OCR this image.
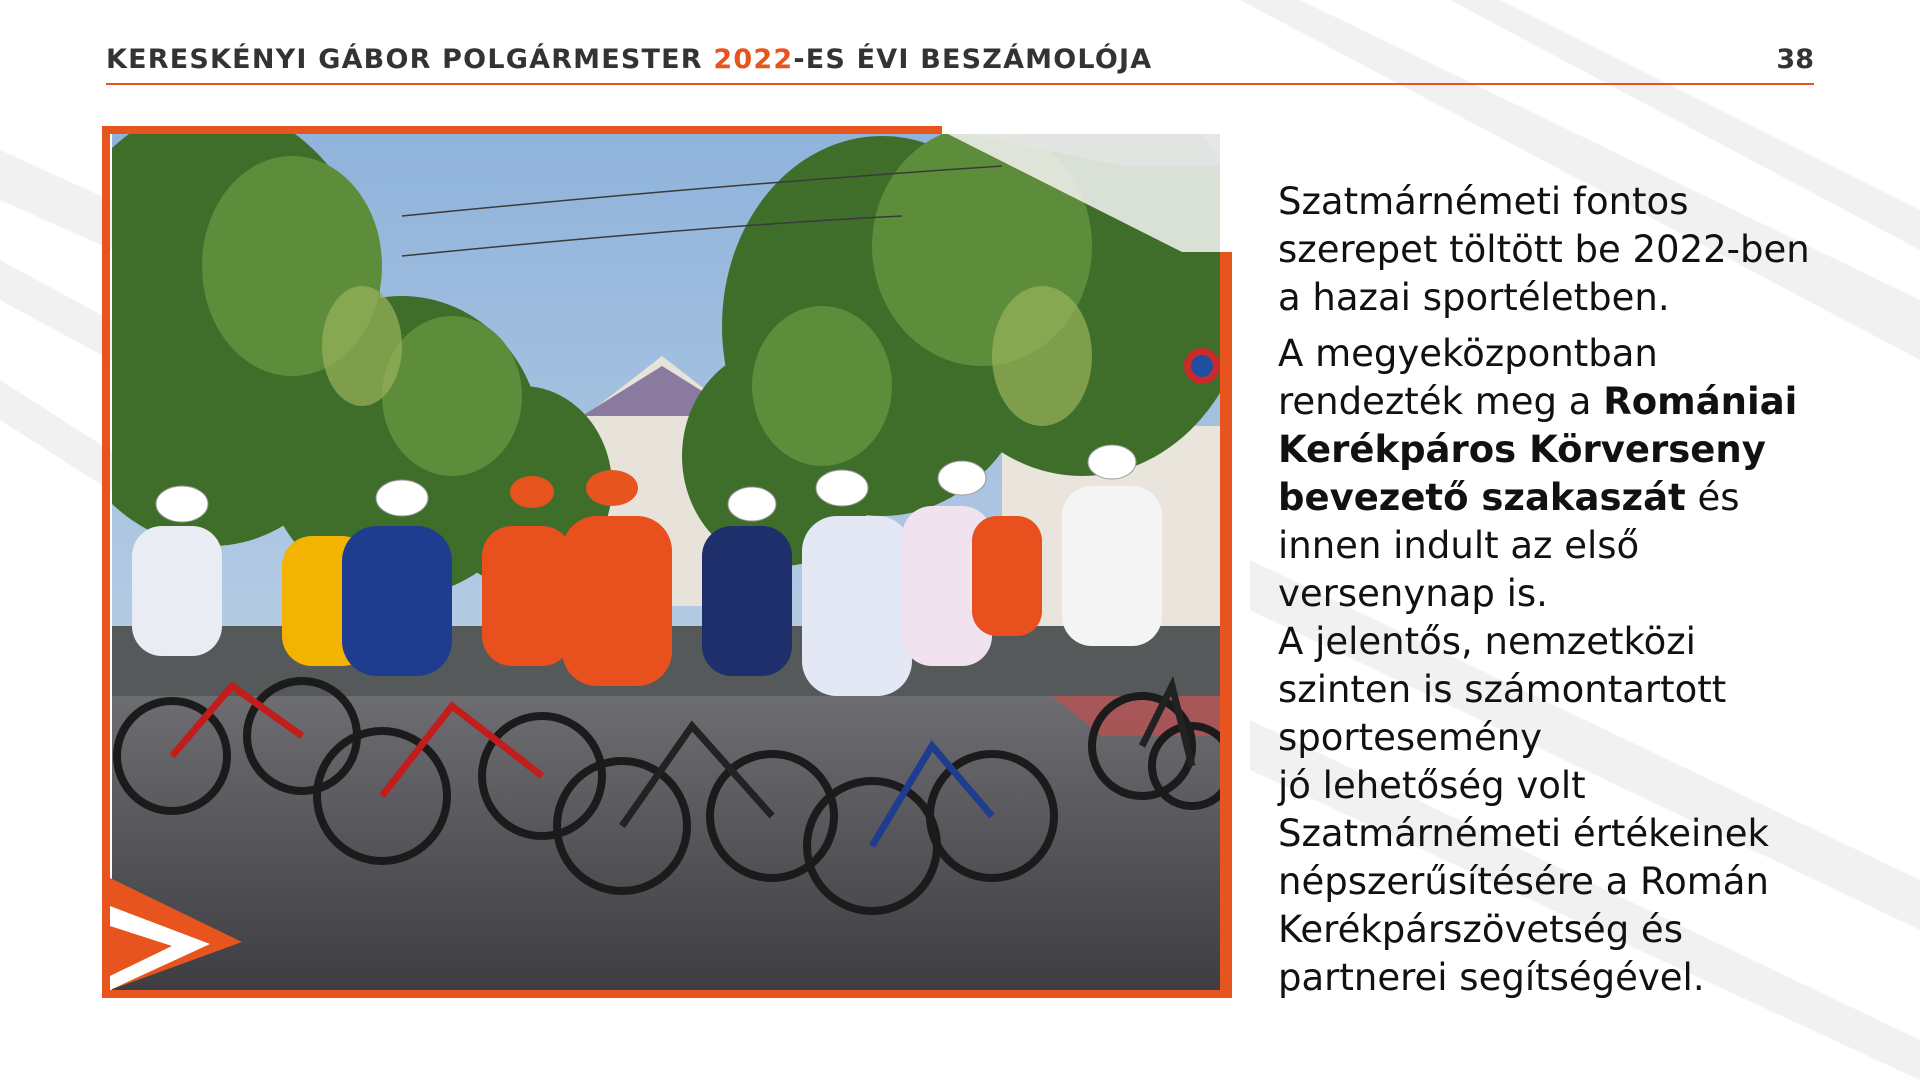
KERESKÉNYI GÁBOR POLGÁRMESTER 2022-ES ÉVI BESZÁMOLÓJA	38

Szatmárnémeti fontos szerepet töltött be 2022-ben a hazai sportéletben.

A megyeközpontban rendezték meg a Romániai Kerékpáros Körverseny bevezető szakaszát és innen indult az első versenynap is.

A jelentős, nemzetközi szinten is számontartott sportesemény

jó lehetőség volt Szatmárnémeti értékeinek népszerűsítésére a Román Kerékpárszövetség és partnerei segítségével.
